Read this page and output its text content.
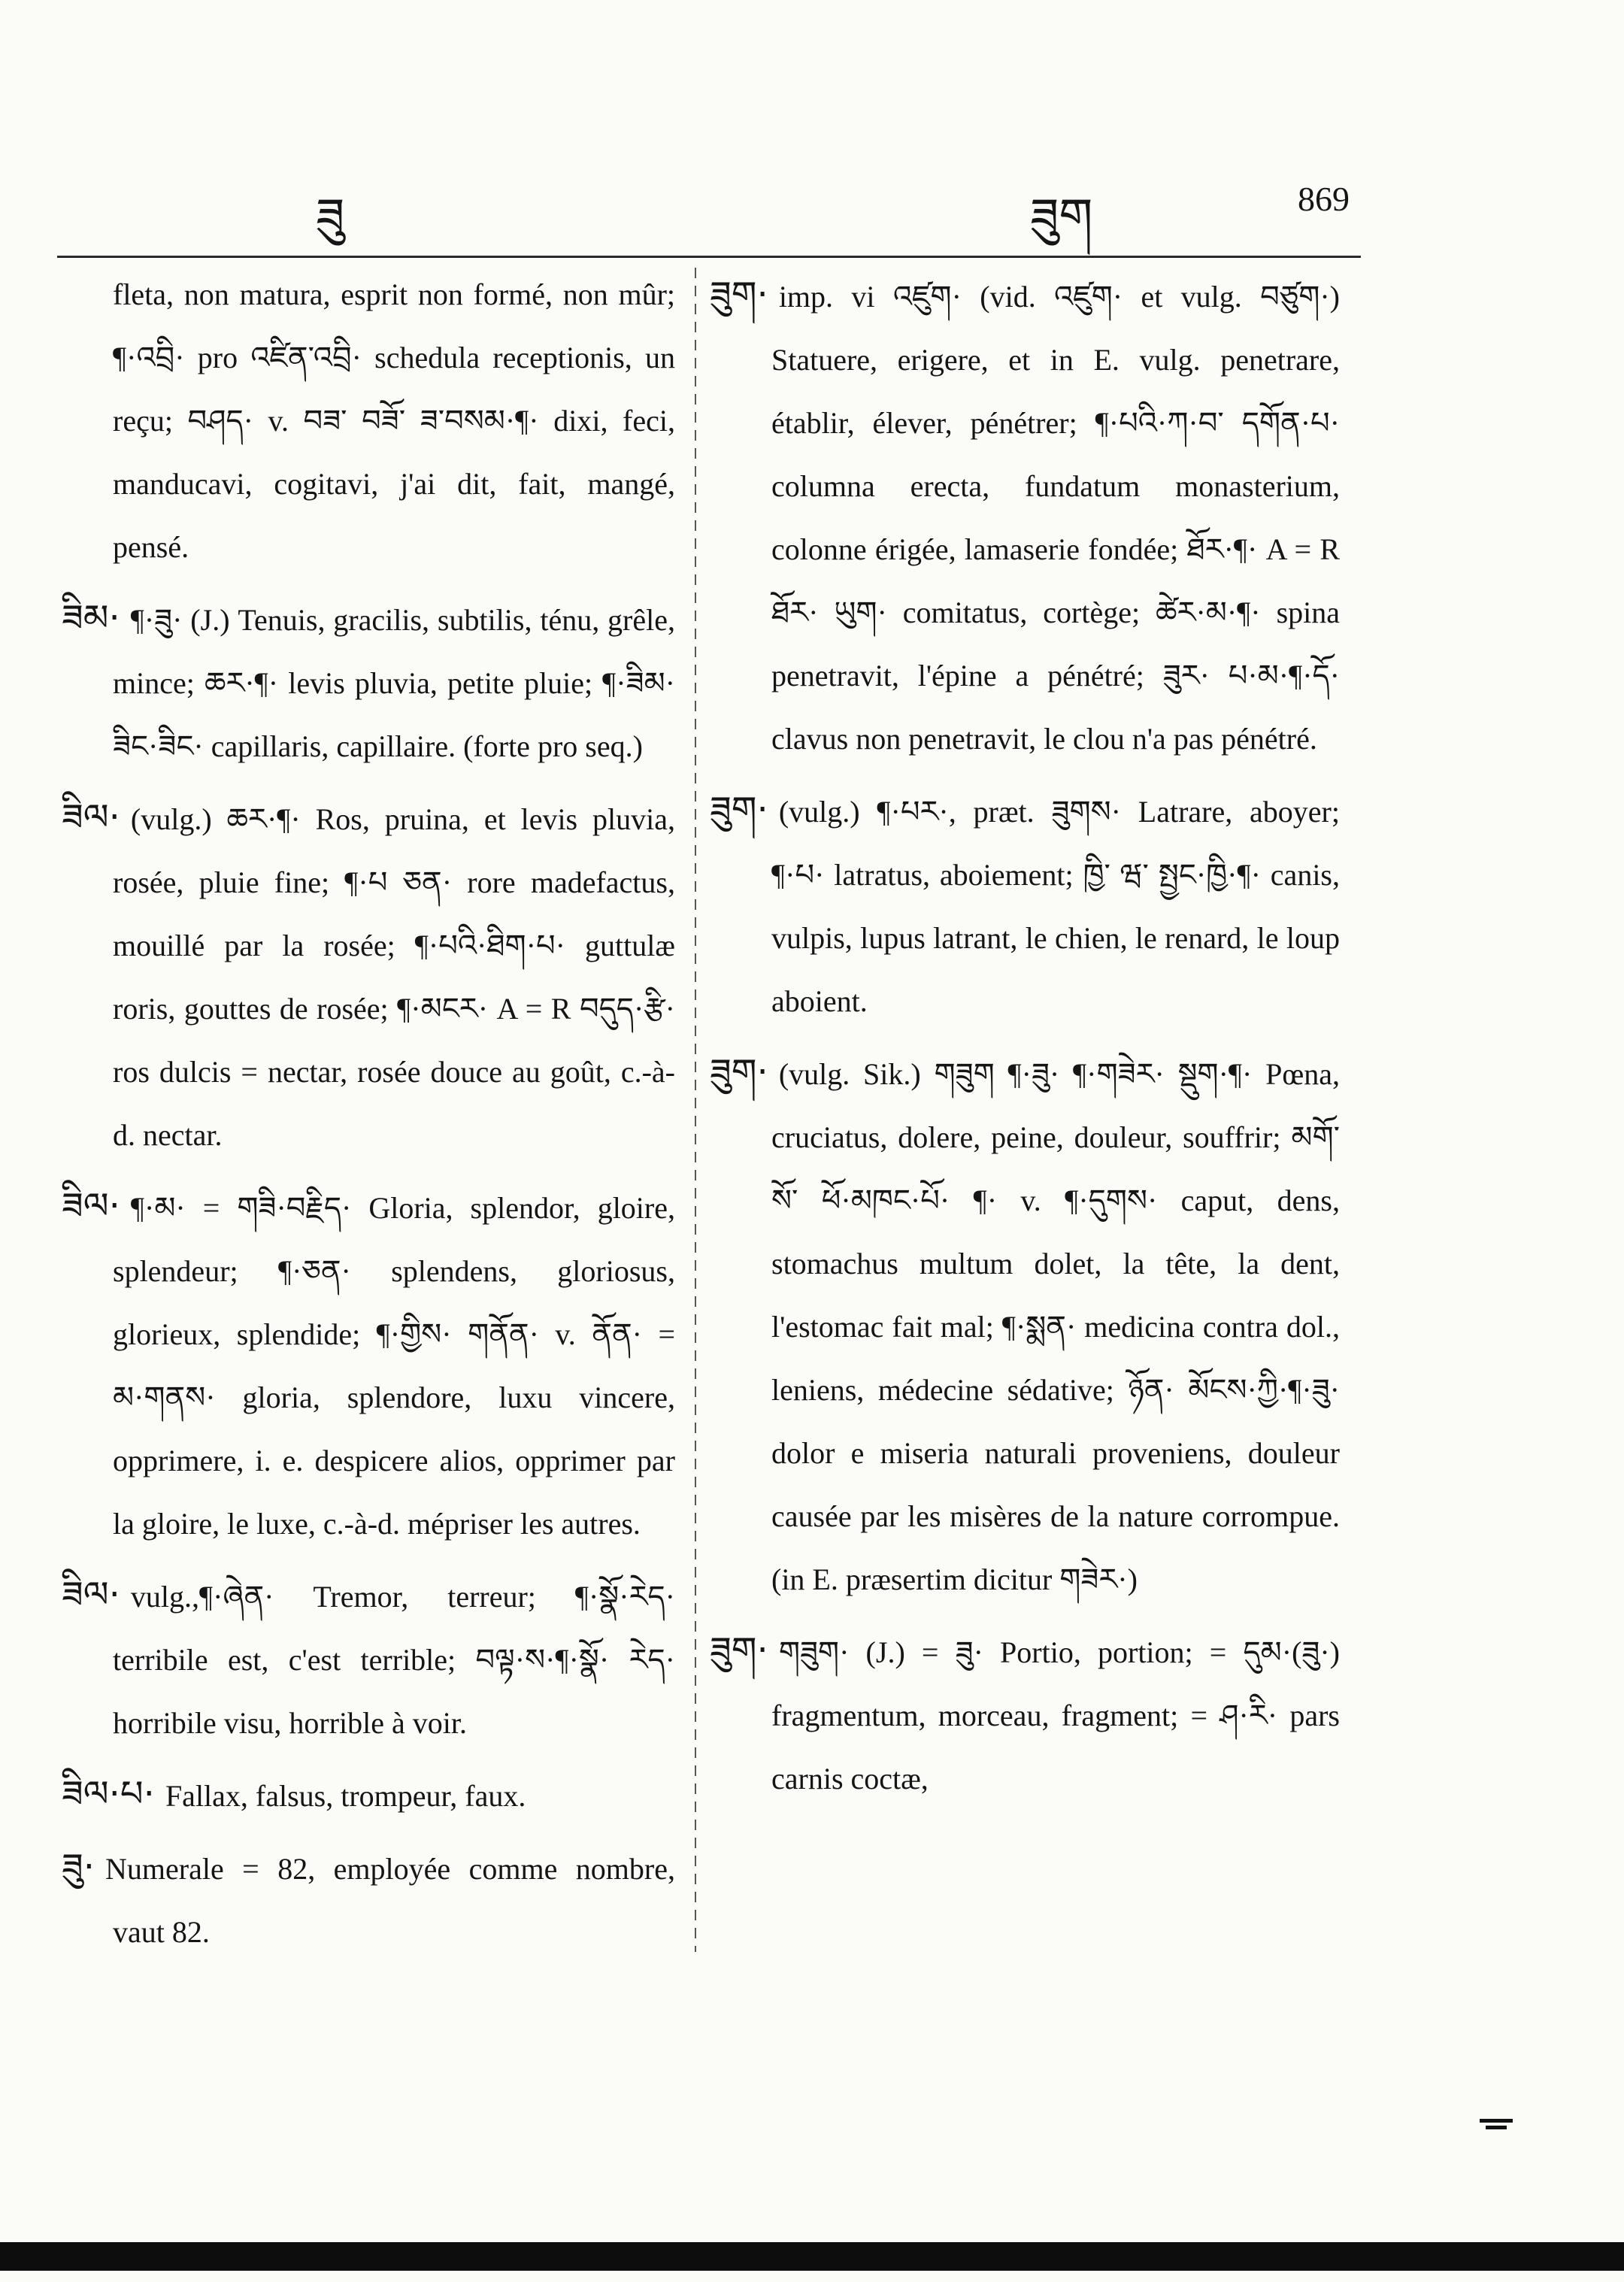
ཟུ	ཟུག	869
fleta, non matura, esprit non formé, non mûr; ¶·འབྲི· pro འཛིན་འབྲི· schedula receptionis, un reçu; བཤད· v. བཟ་ བཟོ་ ཟ་བསམ·¶· dixi, feci, manducavi, cogitavi, j'ai dit, fait, mangé, pensé.
ཟིམ· ¶·ཟུ· (J.) Tenuis, gracilis, subtilis, ténu, grêle, mince; ཆར·¶· levis pluvia, petite pluie; ¶·ཟིམ· ཟིང·ཟིང· capillaris, capillaire. (forte pro seq.)
ཟིལ· (vulg.) ཆར·¶· Ros, pruina, et levis pluvia, rosée, pluie fine; ¶·པ ཅན· rore madefactus, mouillé par la rosée; ¶·པའི·ཐིག·པ· guttulæ roris, gouttes de rosée; ¶·མངར· A = R བདུད·རྩི· ros dulcis = nectar, rosée douce au goût, c.-à-d. nectar.
ཟིལ· ¶·མ· = གཟི·བརྗིད· Gloria, splendor, gloire, splendeur; ¶·ཅན· splendens, gloriosus, glorieux, splendide; ¶·གྱིས· གནོན· v. ནོན· = མ·གནས· gloria, splendore, luxu vincere, opprimere, i. e. despicere alios, opprimer par la gloire, le luxe, c.-à-d. mépriser les autres.
ཟིལ· vulg.,¶·ཞེན· Tremor, terreur; ¶·སྣོ·རེད· terribile est, c'est terrible; བལྟ·ས·¶·སྣོ· རེད· horribile visu, horrible à voir.
ཟིལ·པ· Fallax, falsus, trompeur, faux.
ཟུ· Numerale = 82, employée comme nombre, vaut 82.
ཟུག· imp. vi འཛུག· (vid. འཛུག· et vulg. བཙུག·) Statuere, erigere, et in E. vulg. penetrare, établir, élever, pénétrer; ¶·པའི·ཀ·བ་ དགོན·པ· columna erecta, fundatum monasterium, colonne érigée, lamaserie fondée; ཐོར·¶· A = R ཐོར· ཡུག· comitatus, cortège; ཚེར·མ·¶· spina penetravit, l'épine a pénétré; ཟུར· པ·མ·¶·དོ· clavus non penetravit, le clou n'a pas pénétré.
ཟུག· (vulg.) ¶·པར·, præt. ཟུགས· Latrare, aboyer; ¶·པ· latratus, aboiement; ཁྱི་ ཝ་ སྤྱང·ཁྱི·¶· canis, vulpis, lupus latrant, le chien, le renard, le loup aboient.
ཟུག· (vulg. Sik.) གཟུག ¶·ཟུ· ¶·གཟེར· སྡུག·¶· Pœna, cruciatus, dolere, peine, douleur, souffrir; མགོ་ སོ་ ཕོ·མཁང·པོ· ¶· v. ¶·དུགས· caput, dens, stomachus multum dolet, la tête, la dent, l'estomac fait mal; ¶·སྨན· medicina contra dol., leniens, médecine sédative; ཉོན· མོངས·ཀྱི·¶·ཟུ· dolor e miseria naturali proveniens, douleur causée par les misères de la nature corrompue. (in E. præsertim dicitur གཟེར·)
ཟུག· གཟུག· (J.) = ཟུ· Portio, portion; = དུམ·(ཟུ·) fragmentum, morceau, fragment; = ཤ·རི· pars carnis coctæ,
